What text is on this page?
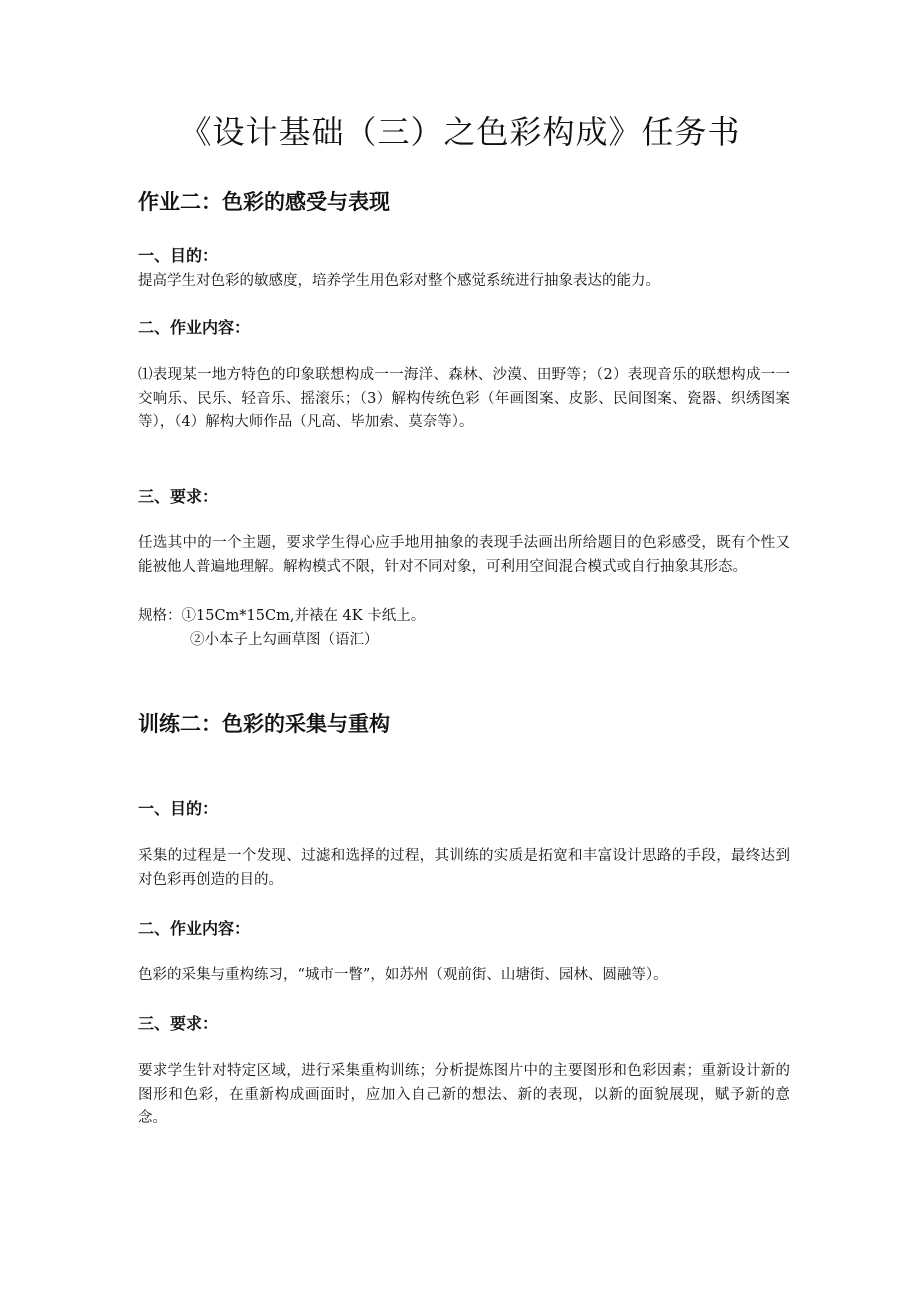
《设计基础（三）之色彩构成》任务书
作业二：色彩的感受与表现
一、目的：
提高学生对色彩的敏感度，培养学生用色彩对整个感觉系统进行抽象表达的能力。
二、作业内容：
⑴表现某一地方特色的印象联想构成一一海洋、森林、沙漠、田野等；（2）表现音乐的联想构成一一交响乐、民乐、轻音乐、摇滚乐；（3）解构传统色彩（年画图案、皮影、民间图案、瓷器、织绣图案等），（4）解构大师作品（凡高、毕加索、莫奈等）。
三、要求：
任选其中的一个主题，要求学生得心应手地用抽象的表现手法画出所给题目的色彩感受，既有个性又能被他人普遍地理解。解构模式不限，针对不同对象，可利用空间混合模式或自行抽象其形态。
规格：①15Cm*15Cm,并裱在 4K 卡纸上。
②小本子上勾画草图（语汇）
训练二：色彩的采集与重构
一、目的：
采集的过程是一个发现、过滤和选择的过程，其训练的实质是拓宽和丰富设计思路的手段，最终达到对色彩再创造的目的。
二、作业内容：
色彩的采集与重构练习，“城市一瞥”，如苏州（观前街、山塘街、园林、圆融等）。
三、要求：
要求学生针对特定区域，进行采集重构训练；分析提炼图片中的主要图形和色彩因素；重新设计新的图形和色彩，在重新构成画面时，应加入自己新的想法、新的表现，以新的面貌展现，赋予新的意念。
